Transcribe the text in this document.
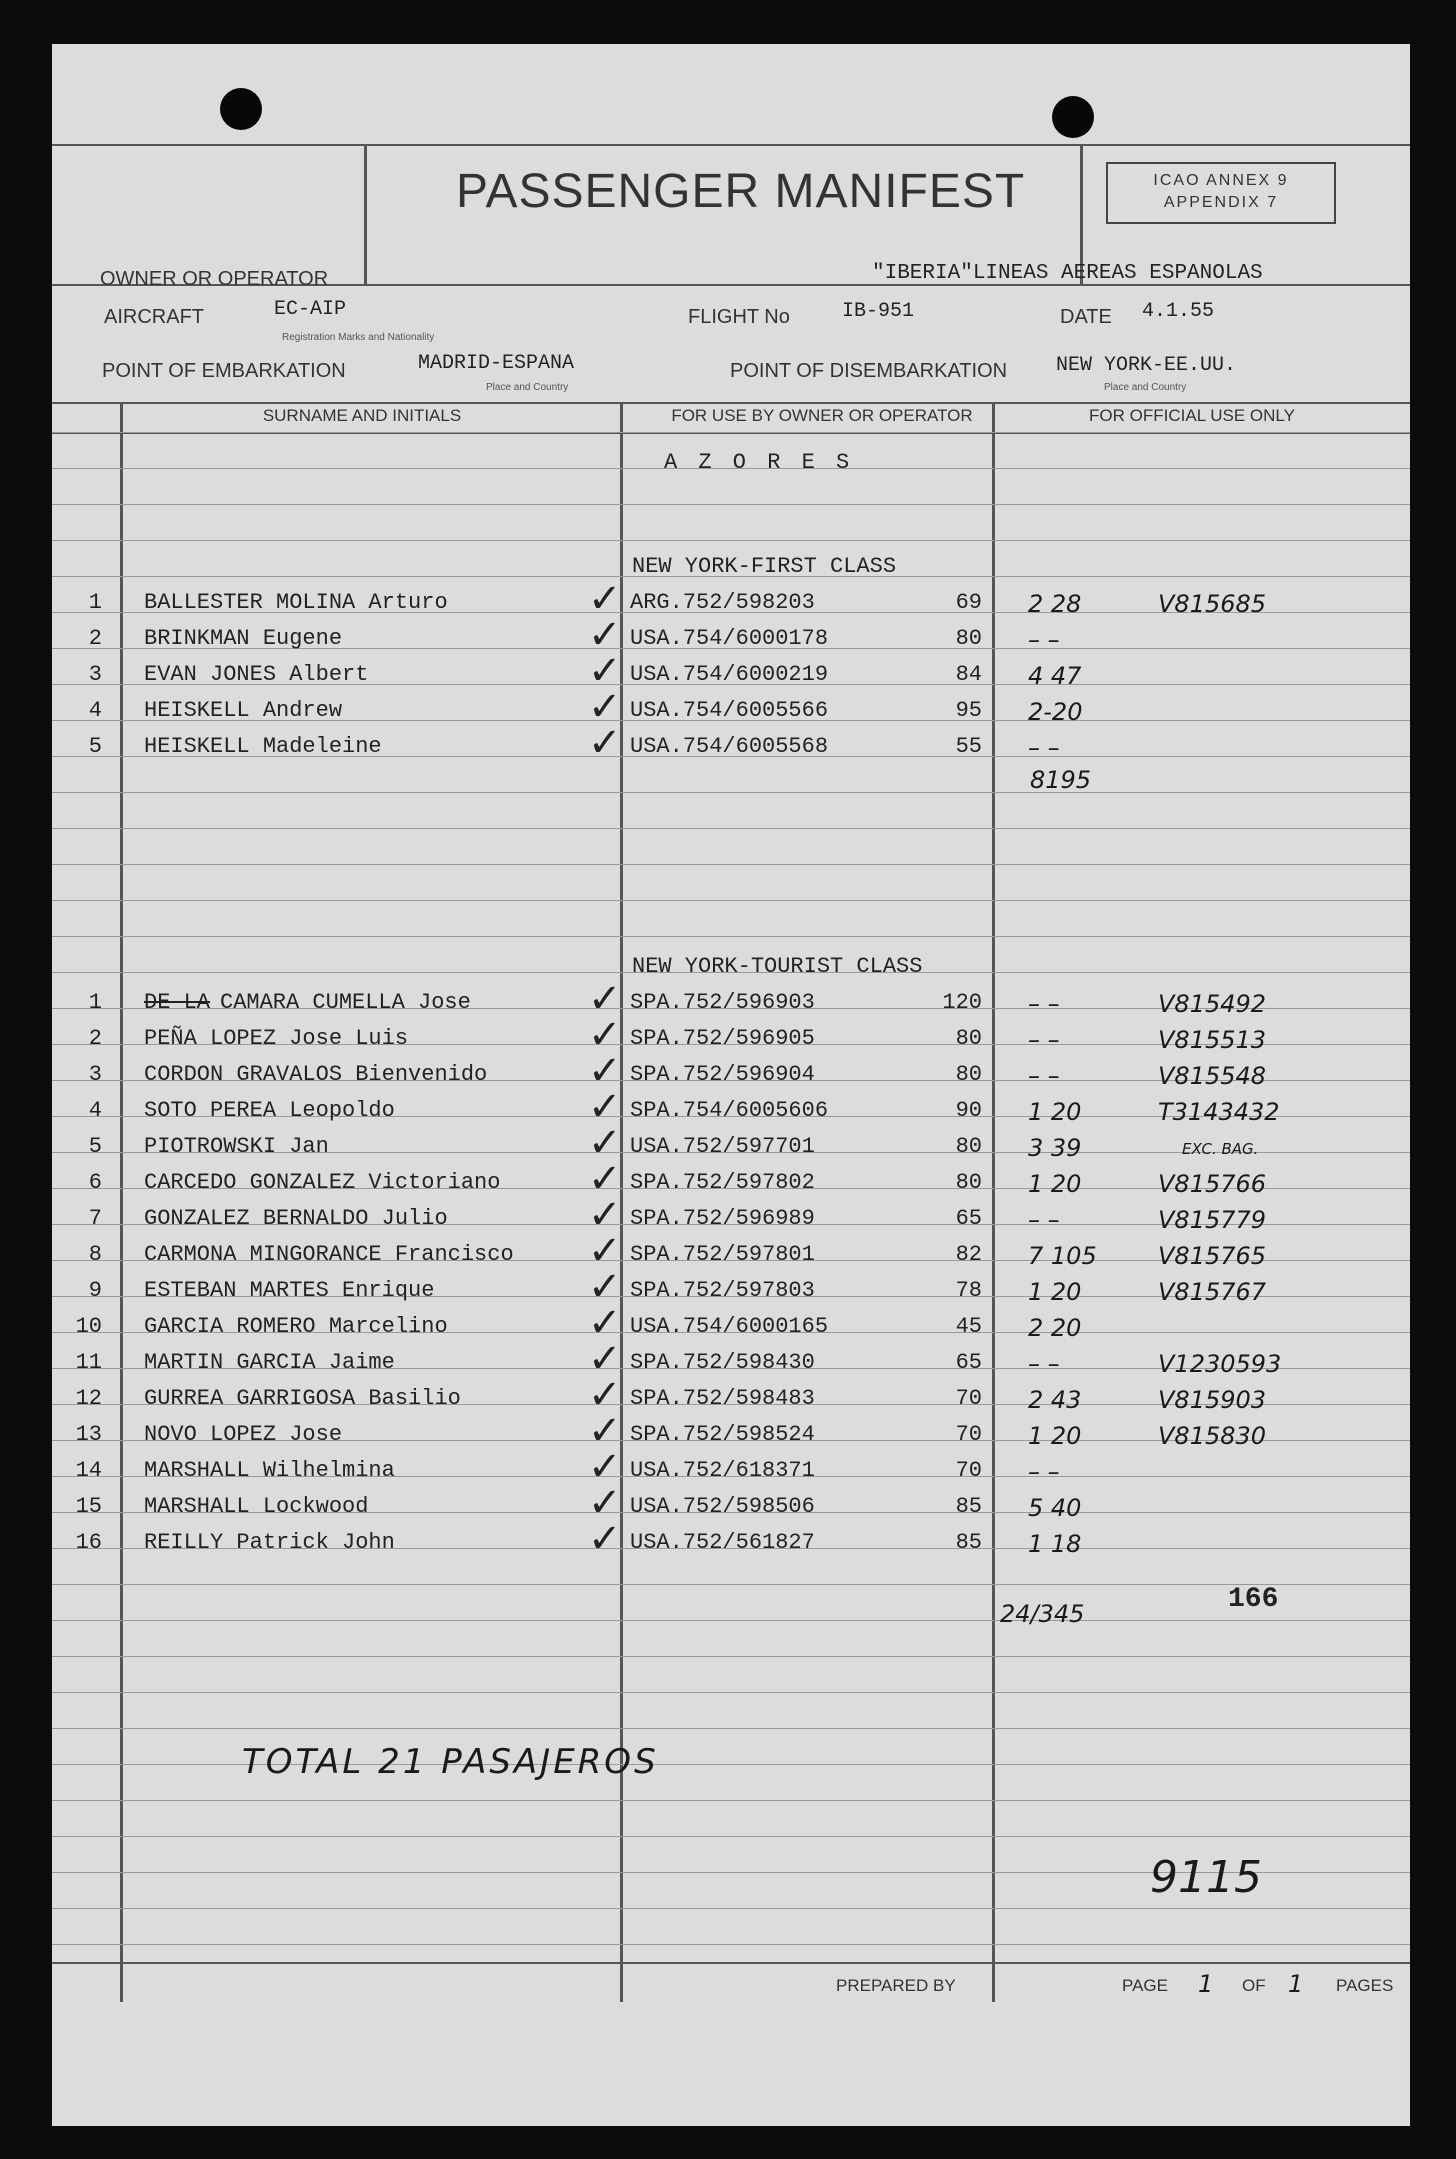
PASSENGER MANIFEST	ICAO ANNEX 9
APPENDIX 7
OWNER OR OPERATOR	"IBERIA"LINEAS AEREAS ESPANOLAS
AIRCRAFT	EC-AIP
Registration Marks and Nationality
FLIGHT No	IB-951	DATE 4.1.55
POINT OF EMBARKATION	MADRID-ESPANA
Place and Country
POINT OF DISEMBARKATION NEW YORK-EE.UU.
Place and Country
SURNAME AND INITIALS	FOR USE BY OWNER OR OPERATOR	FOR OFFICIAL USE ONLY
A Z O R E S
NEW YORK-FIRST CLASS
1 BALLESTER MOLINA Arturo	ARG.752/598203	69 2 28	V815685
✓
2 BRINKMAN Eugene	USA.754/6000178	80 – –
✓
3 EVAN JONES Albert	USA.754/6000219	84 4 47
✓
4 HEISKELL Andrew	USA.754/6005566	95 2-20
✓
5 HEISKELL Madeleine	USA.754/6005568	55 – –
✓
8195
NEW YORK-TOURIST CLASS
1 DE LA CAMARA CUMELLA Jose	SPA.752/596903	120 – –	V815492
✓
2 PEÑA LOPEZ Jose Luis	SPA.752/596905	80 – –	V815513
✓
3 CORDON GRAVALOS Bienvenido	SPA.752/596904	80 – –	V815548
✓
4 SOTO PEREA Leopoldo	SPA.754/6005606	90 1 20	T3143432
✓
5 PIOTROWSKI Jan	USA.752/597701	80 3 39	EXC. BAG.
✓
6 CARCEDO GONZALEZ Victoriano	SPA.752/597802	80 1 20	V815766
✓
7 GONZALEZ BERNALDO Julio	SPA.752/596989	65 – –	V815779
✓
8 CARMONA MINGORANCE Francisco	SPA.752/597801	82 7 105	V815765
✓
9 ESTEBAN MARTES Enrique	SPA.752/597803	78 1 20	V815767
✓
10 GARCIA ROMERO Marcelino	USA.754/6000165	45 2 20
✓
11 MARTIN GARCIA Jaime	SPA.752/598430	65 – –	V1230593
✓
12 GURREA GARRIGOSA Basilio	SPA.752/598483	70 2 43	V815903
✓
13 NOVO LOPEZ Jose	SPA.752/598524	70 1 20	V815830
✓
14 MARSHALL Wilhelmina	USA.752/618371	70 – –
✓
15 MARSHALL Lockwood	USA.752/598506	85 5 40
✓
16 REILLY Patrick John	USA.752/561827	85 1 18
✓
24/345	166
TOTAL 21 PASAJEROS
9115
PREPARED BY	PAGE 1 OF 1 PAGES
